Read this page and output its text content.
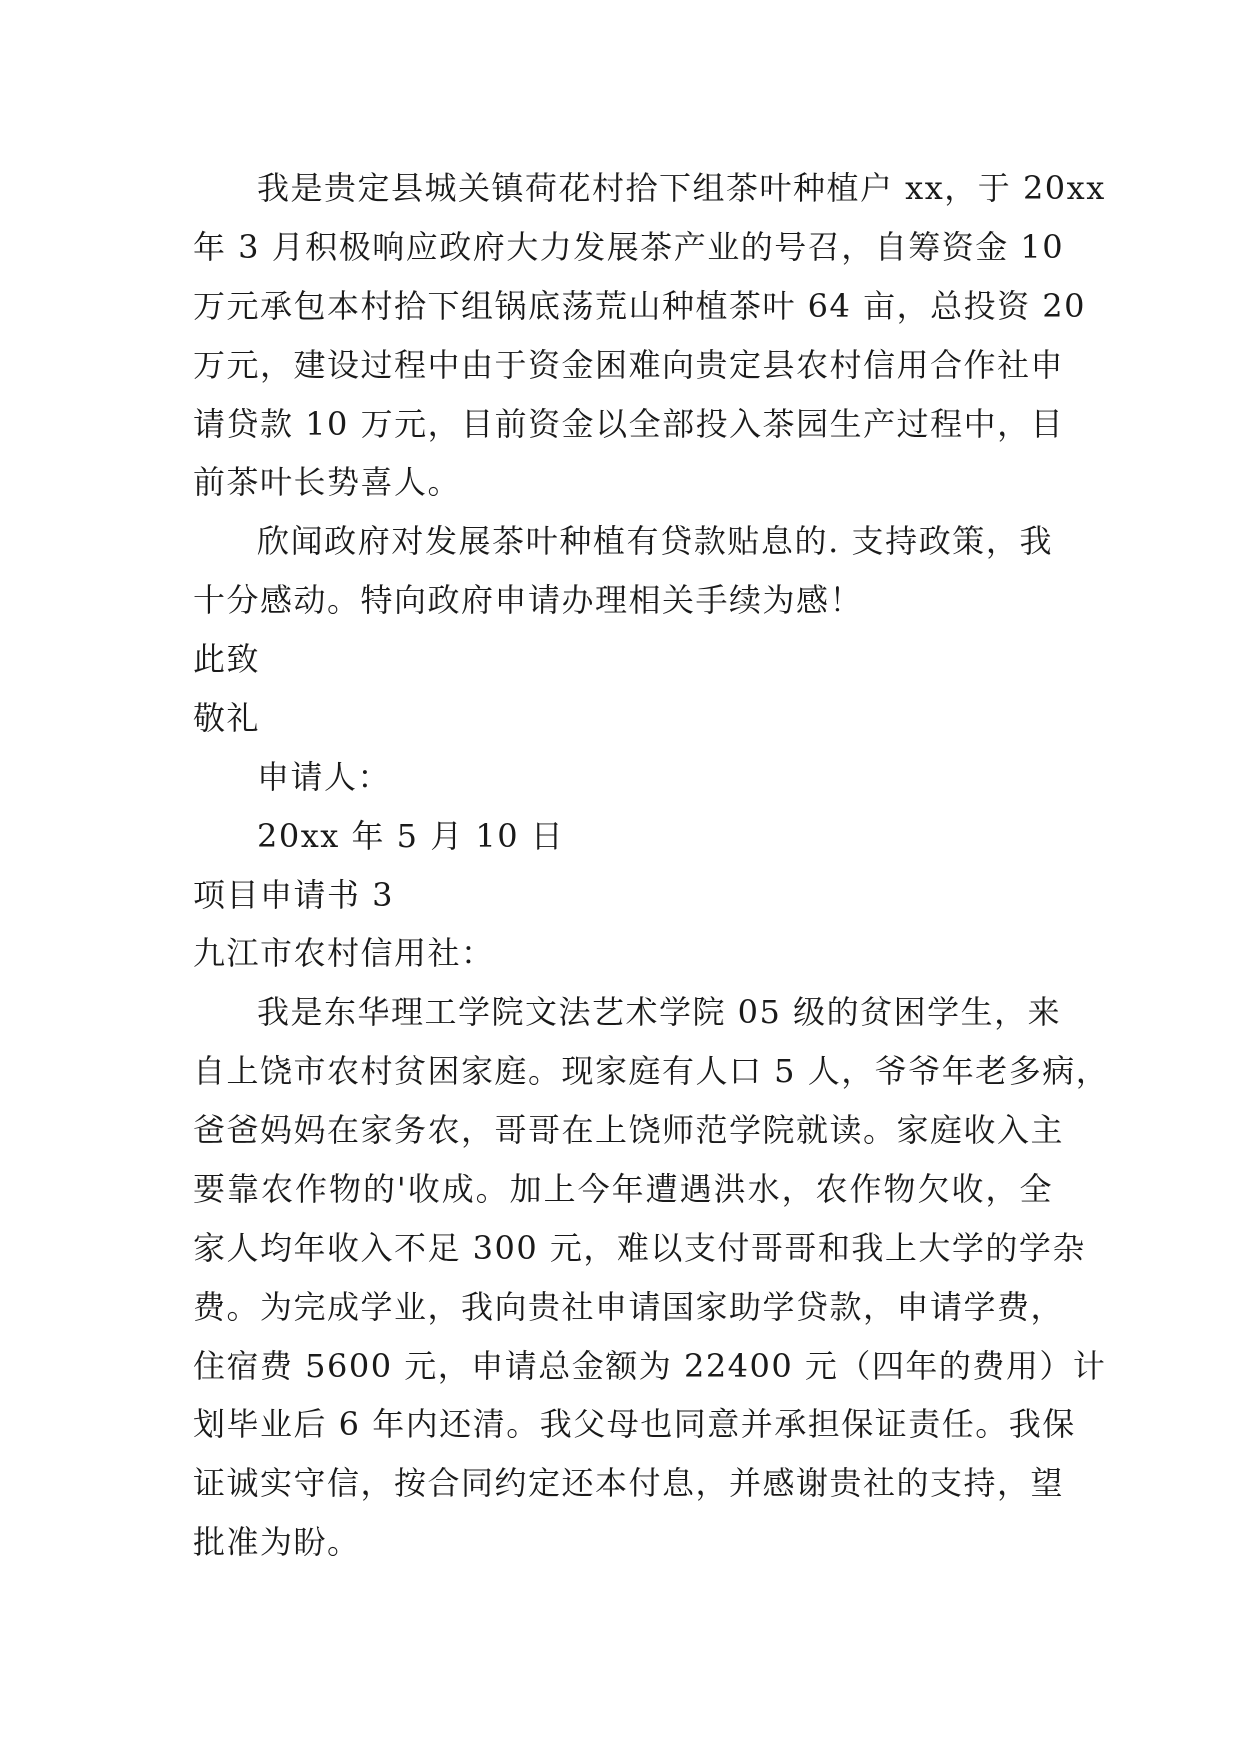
我是贵定县城关镇荷花村拾下组茶叶种植户 xx，于 20xx
年 3 月积极响应政府大力发展茶产业的号召，自筹资金 10
万元承包本村拾下组锅底荡荒山种植茶叶 64 亩，总投资 20
万元，建设过程中由于资金困难向贵定县农村信用合作社申
请贷款 10 万元，目前资金以全部投入茶园生产过程中，目
前茶叶长势喜人。
欣闻政府对发展茶叶种植有贷款贴息的. 支持政策，我
十分感动。特向政府申请办理相关手续为感！
此致
敬礼
申请人：
20xx 年 5 月 10 日
项目申请书 3
九江市农村信用社：
我是东华理工学院文法艺术学院 05 级的贫困学生，来
自上饶市农村贫困家庭。现家庭有人口 5 人，爷爷年老多病，
爸爸妈妈在家务农，哥哥在上饶师范学院就读。家庭收入主
要靠农作物的'收成。加上今年遭遇洪水，农作物欠收，全
家人均年收入不足 300 元，难以支付哥哥和我上大学的学杂
费。为完成学业，我向贵社申请国家助学贷款，申请学费，
住宿费 5600 元，申请总金额为 22400 元（四年的费用）计
划毕业后 6 年内还清。我父母也同意并承担保证责任。我保
证诚实守信，按合同约定还本付息，并感谢贵社的支持，望
批准为盼。
